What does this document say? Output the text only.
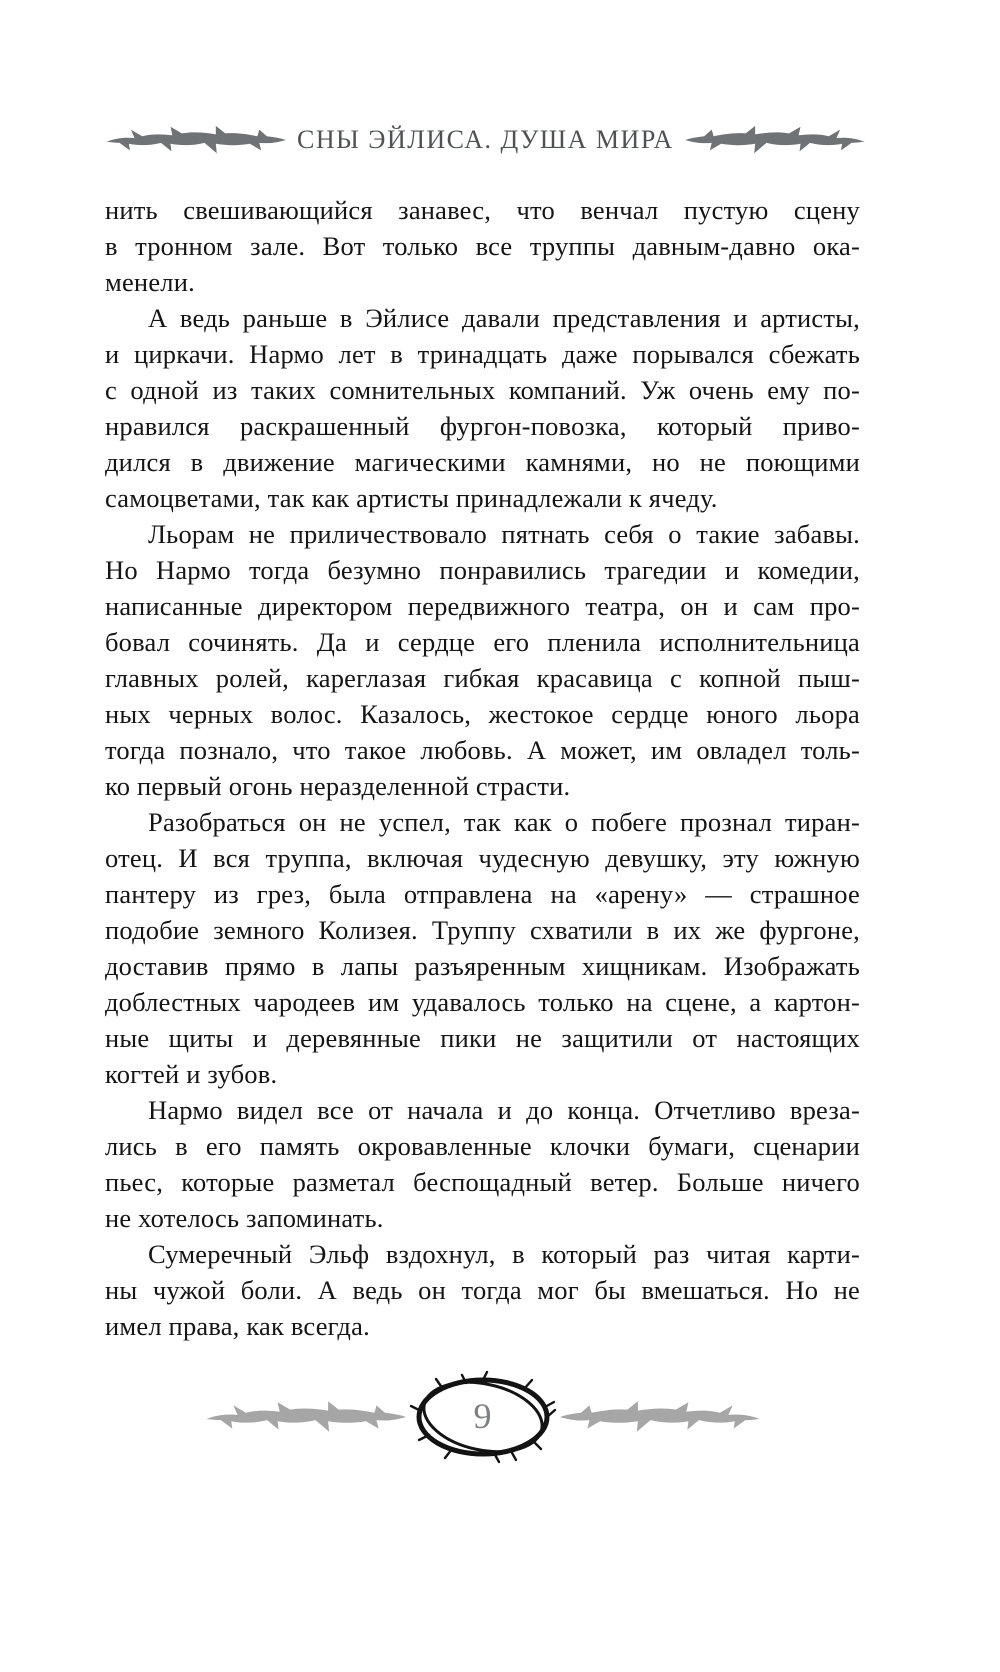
СНЫ ЭЙЛИСА. ДУША МИРА
нить свешивающийся занавес, что венчал пустую сцену
в тронном зале. Вот только все труппы давным-давно ока-
менели.
А ведь раньше в Эйлисе давали представления и артисты,
и циркачи. Нармо лет в тринадцать даже порывался сбежать
с одной из таких сомнительных компаний. Уж очень ему по-
нравился раскрашенный фургон-повозка, который приво-
дился в движение магическими камнями, но не поющими
самоцветами, так как артисты принадлежали к ячеду.
Льорам не приличествовало пятнать себя о такие забавы.
Но Нармо тогда безумно понравились трагедии и комедии,
написанные директором передвижного театра, он и сам про-
бовал сочинять. Да и сердце его пленила исполнительница
главных ролей, кареглазая гибкая красавица с копной пыш-
ных черных волос. Казалось, жестокое сердце юного льора
тогда познало, что такое любовь. А может, им овладел толь-
ко первый огонь неразделенной страсти.
Разобраться он не успел, так как о побеге прознал тиран-
отец. И вся труппа, включая чудесную девушку, эту южную
пантеру из грез, была отправлена на «арену» — страшное
подобие земного Колизея. Труппу схватили в их же фургоне,
доставив прямо в лапы разъяренным хищникам. Изображать
доблестных чародеев им удавалось только на сцене, а картон-
ные щиты и деревянные пики не защитили от настоящих
когтей и зубов.
Нармо видел все от начала и до конца. Отчетливо вреза-
лись в его память окровавленные клочки бумаги, сценарии
пьес, которые разметал беспощадный ветер. Больше ничего
не хотелось запоминать.
Сумеречный Эльф вздохнул, в который раз читая карти-
ны чужой боли. А ведь он тогда мог бы вмешаться. Но не
имел права, как всегда.
9
